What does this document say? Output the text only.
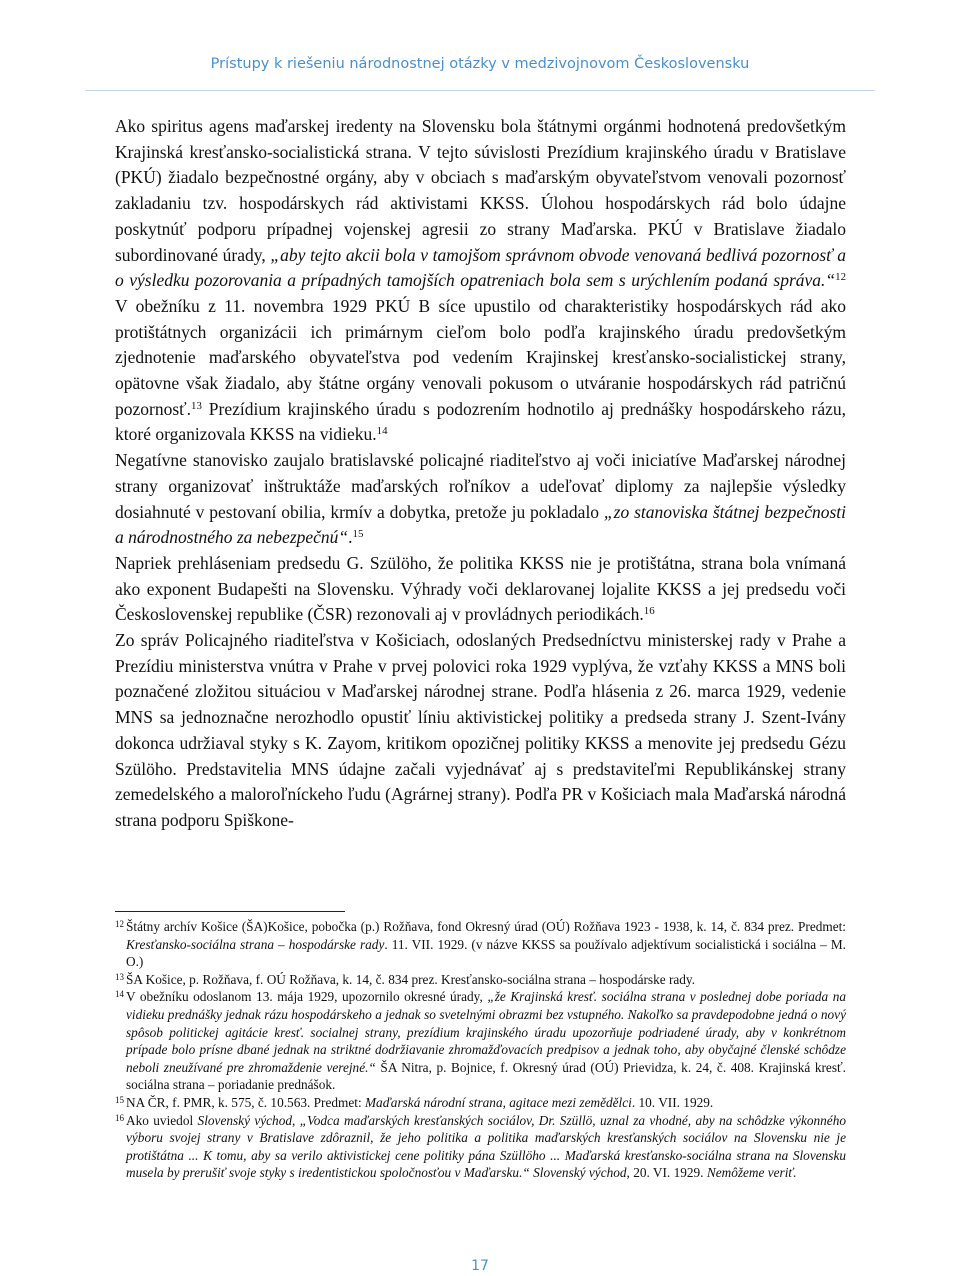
Prístupy k riešeniu národnostnej otázky v medzivojnovom Československu

Ako spiritus agens maďarskej iredenty na Slovensku bola štátnymi orgánmi hodnotená predovšetkým Krajinská kresťansko-socialistická strana. V tejto súvislosti Prezídium krajinského úradu v Bratislave (PKÚ) žiadalo bezpečnostné orgány, aby v obciach s maďarským obyvateľstvom venovali pozornosť zakladaniu tzv. hospodárskych rád aktivistami KKSS. Úlohou hospodárskych rád bolo údajne poskytnúť podporu prípadnej vojenskej agresii zo strany Maďarska. PKÚ v Bratislave žiadalo subordinované úrady, „aby tejto akcii bola v tamojšom správnom obvode venovaná bedlivá pozornosť a o výsledku pozorovania a prípadných tamojších opatreniach bola sem s urýchlením podaná správa.“$^{12}$ V obežníku z 11. novembra 1929 PKÚ B síce upustilo od charakteristiky hospodárskych rád ako protištátnych organizácii ich primárnym cieľom bolo podľa krajinského úradu predovšetkým zjednotenie maďarského obyvateľstva pod vedením Krajinskej kresťansko-socialistickej strany, opätovne však žiadalo, aby štátne orgány venovali pokusom o utváranie hospodárskych rád patričnú pozornosť.$^{13}$ Prezídium krajinského úradu s podozrením hodnotilo aj prednášky hospodárskeho rázu, ktoré organizovala KKSS na vidieku.$^{14}$

Negatívne stanovisko zaujalo bratislavské policajné riaditeľstvo aj voči iniciatíve Maďarskej národnej strany organizovať inštruktáže maďarských roľníkov a udeľovať diplomy za najlepšie výsledky dosiahnuté v pestovaní obilia, krmív a dobytka, pretože ju pokladalo „zo stanoviska štátnej bezpečnosti a národnostného za nebezpečnú“.$^{15}$

Napriek prehláseniam predsedu G. Szülöho, že politika KKSS nie je protištátna, strana bola vnímaná ako exponent Budapešti na Slovensku. Výhrady voči deklarovanej lojalite KKSS a jej predsedu voči Československej republike (ČSR) rezonovali aj v provládnych periodikách.$^{16}$

Zo správ Policajného riaditeľstva v Košiciach, odoslaných Predsedníctvu ministerskej rady v Prahe a Prezídiu ministerstva vnútra v Prahe v prvej polovici roka 1929 vyplýva, že vzťahy KKSS a MNS boli poznačené zložitou situáciou v Maďarskej národnej strane. Podľa hlásenia z 26. marca 1929, vedenie MNS sa jednoznačne nerozhodlo opustiť líniu aktivistickej politiky a predseda strany J. Szent-Ivány dokonca udržiaval styky s K. Zayom, kritikom opozičnej politiky KKSS a menovite jej predsedu Gézu Szülöho. Predstavitelia MNS údajne začali vyjednávať aj s predstaviteľmi Republikánskej strany zemedelského a maloroľníckeho ľudu (Agrárnej strany). Podľa PR v Košiciach mala Maďarská národná strana podporu Spiškone-

12 Štátny archív Košice (ŠA)Košice, pobočka (p.) Rožňava, fond Okresný úrad (OÚ) Rožňava 1923 - 1938, k. 14, č. 834 prez. Predmet: Kresťansko-sociálna strana – hospodárske rady. 11. VII. 1929. (v názve KKSS sa používalo adjektívum socialistická i sociálna – M. O.)

13 ŠA Košice, p. Rožňava, f. OÚ Rožňava, k. 14, č. 834 prez. Kresťansko-sociálna strana – hospodárske rady.

14 V obežníku odoslanom 13. mája 1929, upozornilo okresné úrady, „že Krajinská kresť. sociálna strana v poslednej dobe poriada na vidieku prednášky jednak rázu hospodárskeho a jednak so svetelnými obrazmi bez vstupného. Nakoľko sa pravdepodobne jedná o nový spôsob politickej agitácie kresť. socialnej strany, prezídium krajinského úradu upozorňuje podriadené úrady, aby v konkrétnom prípade bolo prísne dbané jednak na striktné dodržiavanie zhromažďovacích predpisov a jednak toho, aby obyčajné členské schôdze neboli zneužívané pre zhromaždenie verejné.“ ŠA Nitra, p. Bojnice, f. Okresný úrad (OÚ) Prievidza, k. 24, č. 408. Krajinská kresť. sociálna strana – poriadanie prednášok.

15 NA ČR, f. PMR, k. 575, č. 10.563. Predmet: Maďarská národní strana, agitace mezi zemědělci. 10. VII. 1929.

16 Ako uviedol Slovenský východ, „Vodca maďarských kresťanských sociálov, Dr. Szüllö, uznal za vhodné, aby na schôdzke výkonného výboru svojej strany v Bratislave zdôraznil, že jeho politika a politika maďarských kresťanských sociálov na Slovensku nie je protištátna ... K tomu, aby sa verilo aktivistickej cene politiky pána Szüllöho ... Maďarská kresťansko-sociálna strana na Slovensku musela by prerušiť svoje styky s iredentistickou spoločnosťou v Maďarsku.“ Slovenský východ, 20. VI. 1929. Nemôžeme veriť.

17
